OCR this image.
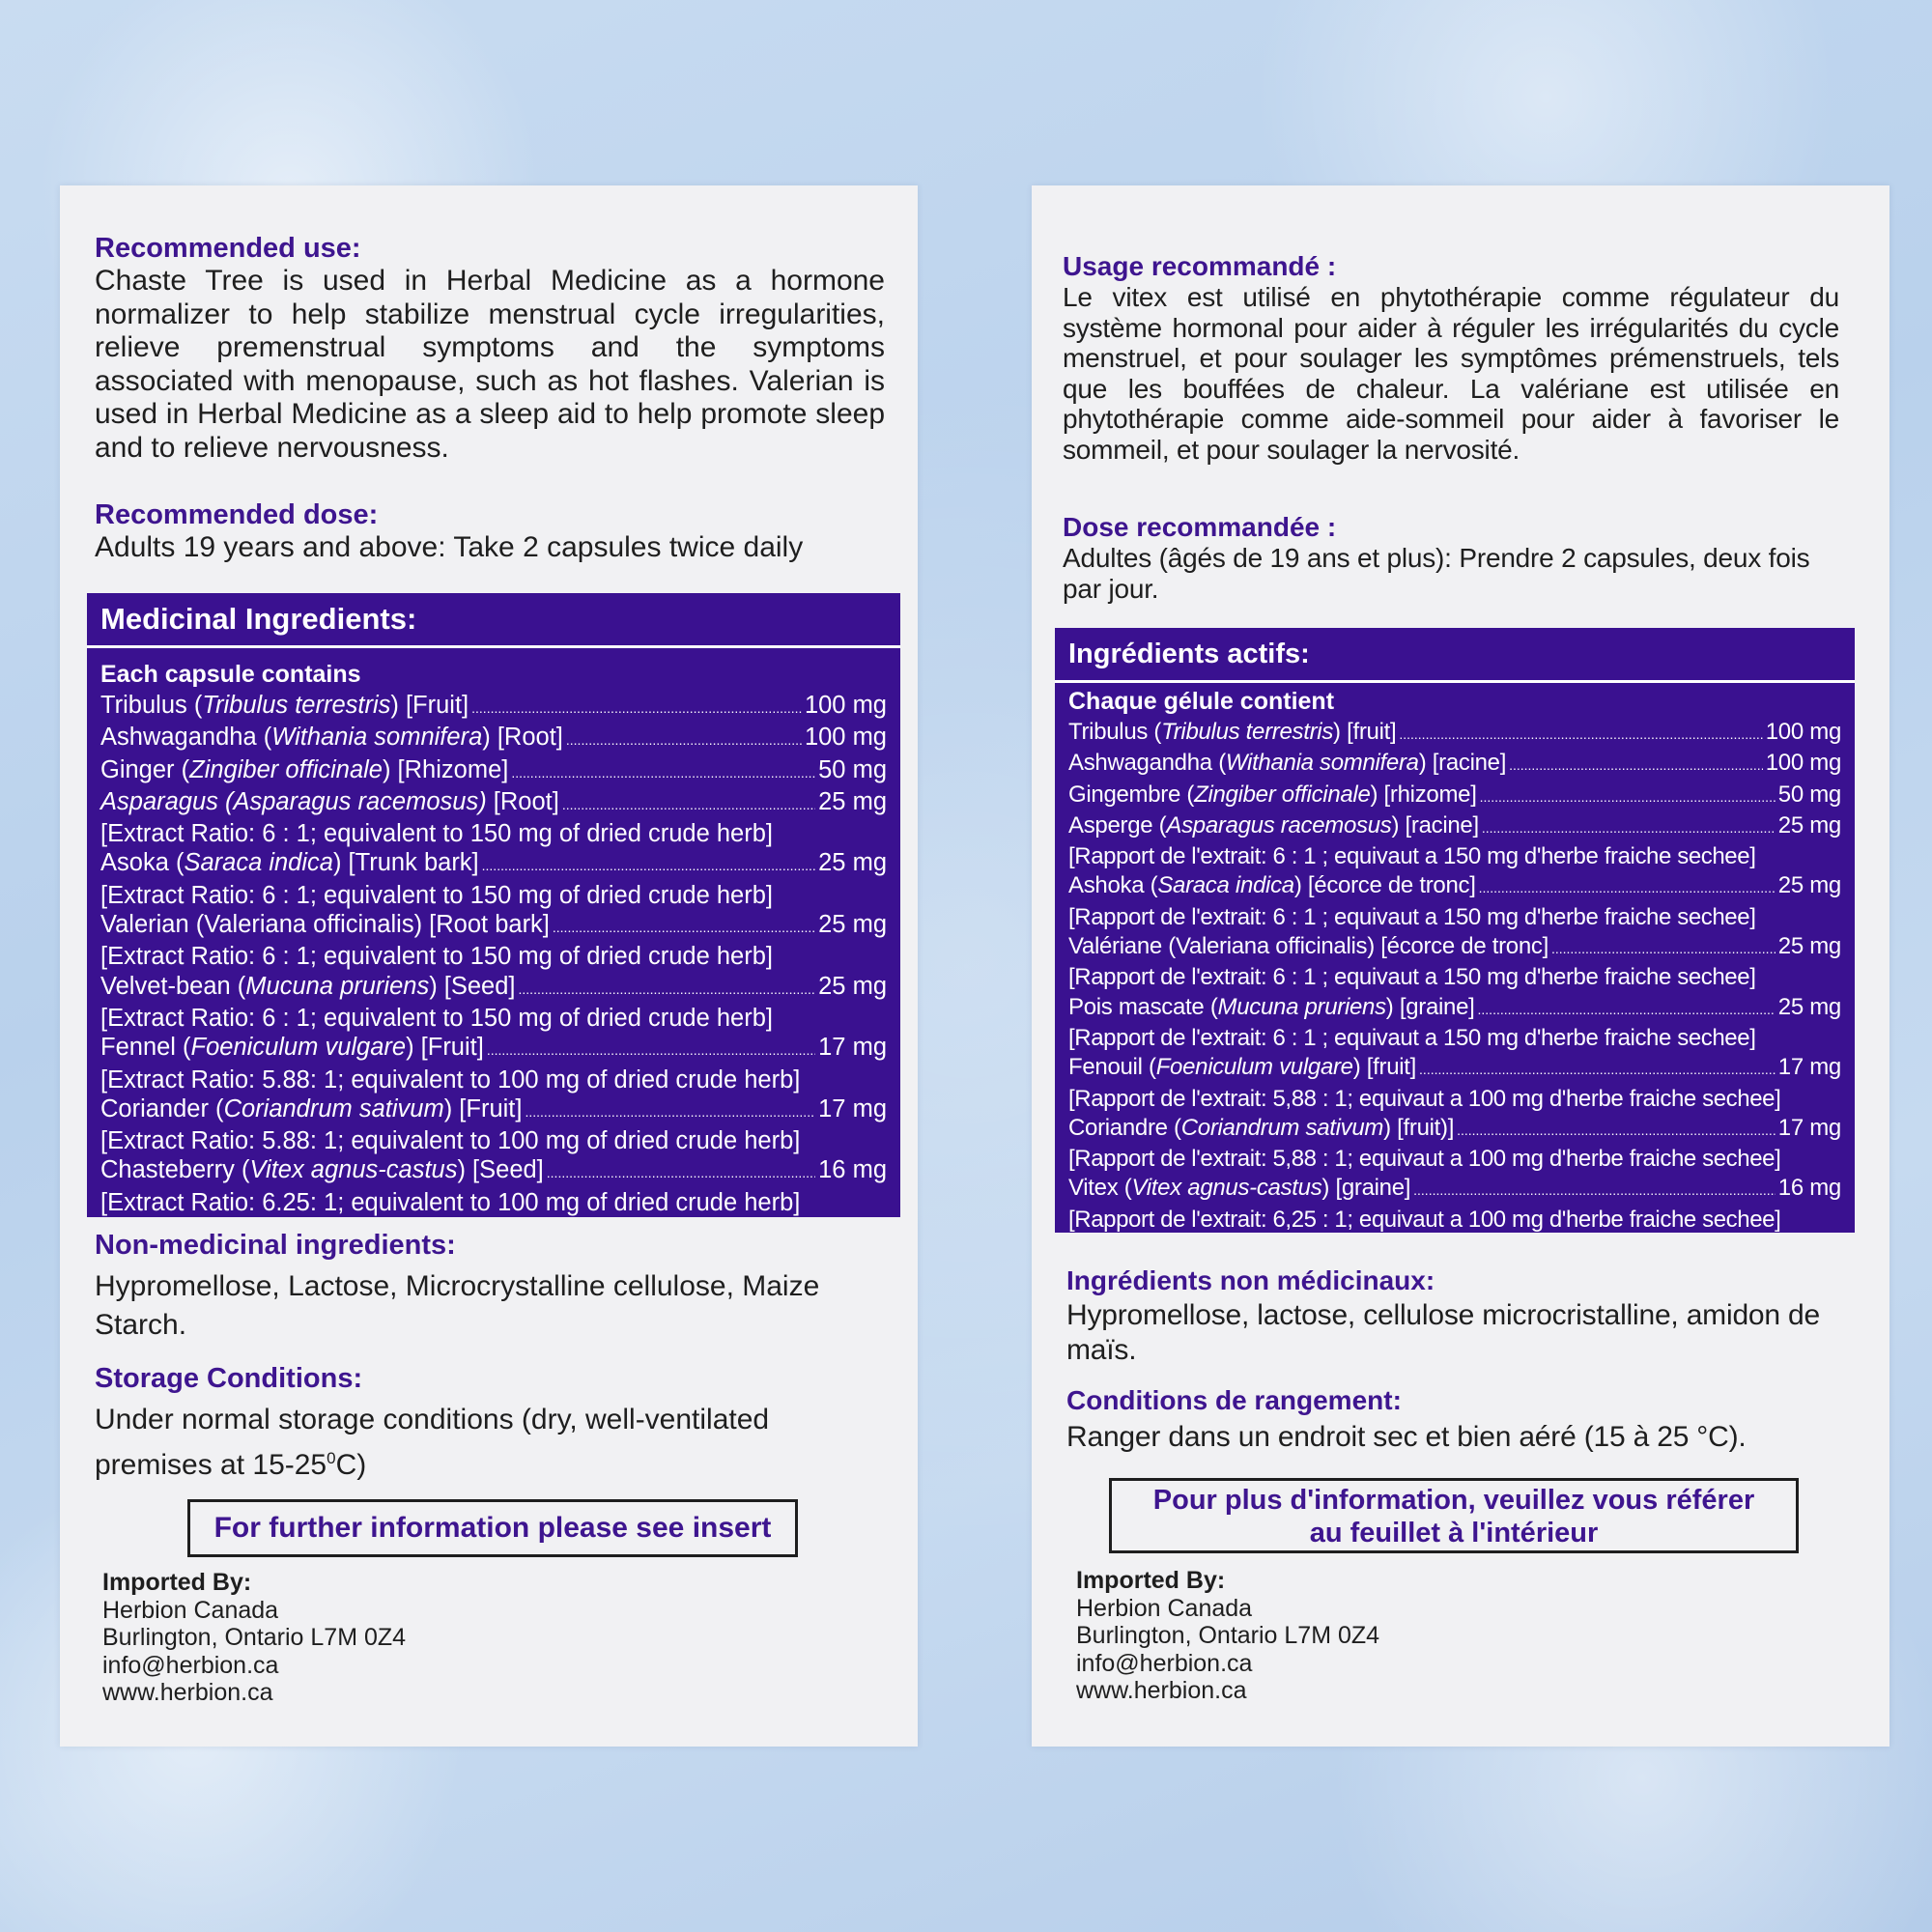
Recommended use:

Chaste Tree is used in Herbal Medicine as a hormone normalizer to help stabilize menstrual cycle irregularities, relieve premenstrual symptoms and the symptoms associated with menopause, such as hot flashes. Valerian is used in Herbal Medicine as a sleep aid to help promote sleep and to relieve nervousness.

Recommended dose:

Adults 19 years and above: Take 2 capsules twice daily

Medicinal Ingredients:
Each capsule contains
Tribulus (Tribulus terrestris) [Fruit] .....	100 mg
Ashwagandha (Withania somnifera) [Root] .....	100 mg
Ginger (Zingiber officinale) [Rhizome] .....	50 mg
Asparagus (Asparagus racemosus) [Root] .....	25 mg
[Extract Ratio: 6 : 1; equivalent to 150 mg of dried crude herb]
Asoka (Saraca indica) [Trunk bark] .....	25 mg
[Extract Ratio: 6 : 1; equivalent to 150 mg of dried crude herb]
Valerian (Valeriana officinalis) [Root bark] .....	25 mg
[Extract Ratio: 6 : 1; equivalent to 150 mg of dried crude herb]
Velvet-bean (Mucuna pruriens) [Seed] .....	25 mg
[Extract Ratio: 6 : 1; equivalent to 150 mg of dried crude herb]
Fennel (Foeniculum vulgare) [Fruit] .....	17 mg
[Extract Ratio: 5.88: 1; equivalent to 100 mg of dried crude herb]
Coriander (Coriandrum sativum) [Fruit] .....	17 mg
[Extract Ratio: 5.88: 1; equivalent to 100 mg of dried crude herb]
Chasteberry (Vitex agnus-castus) [Seed] .....	16 mg
[Extract Ratio: 6.25: 1; equivalent to 100 mg of dried crude herb]

Non-medicinal ingredients:

Hypromellose, Lactose, Microcrystalline cellulose, Maize Starch.

Storage Conditions:

Under normal storage conditions (dry, well-ventilated premises at $15-25^0C$)

For further information please see insert
Imported By:
Herbion Canada
Burlington, Ontario L7M 0Z4
info@herbion.ca
www.herbion.ca

Usage recommandé :

Le vitex est utilisé en phytothérapie comme régulateur du système hormonal pour aider à réguler les irrégularités du cycle menstruel, et pour soulager les symptômes prémenstruels, tels que les bouffées de chaleur. La valériane est utilisée en phytothérapie comme aide-sommeil pour aider à favoriser le sommeil, et pour soulager la nervosité.

Dose recommandée :

Adultes (âgés de 19 ans et plus): Prendre 2 capsules, deux fois par jour.

Ingrédients actifs:
Chaque gélule contient
Tribulus (Tribulus terrestris) [fruit] .....	100 mg
Ashwagandha (Withania somnifera) [racine] .....	100 mg
Gingembre (Zingiber officinale) [rhizome] .....	50 mg
Asperge (Asparagus racemosus) [racine] .....	25 mg
[Rapport de l'extrait: 6 : 1 ; equivaut a 150 mg d'herbe fraiche sechee]
Ashoka (Saraca indica) [écorce de tronc] .....	25 mg
[Rapport de l'extrait: 6 : 1 ; equivaut a 150 mg d'herbe fraiche sechee]
Valériane (Valeriana officinalis) [écorce de tronc] .....	25 mg
[Rapport de l'extrait: 6 : 1 ; equivaut a 150 mg d'herbe fraiche sechee]
Pois mascate (Mucuna pruriens) [graine] .....	25 mg
[Rapport de l'extrait: 6 : 1 ; equivaut a 150 mg d'herbe fraiche sechee]
Fenouil (Foeniculum vulgare) [fruit] .....	17 mg
[Rapport de l'extrait: 5,88 : 1; equivaut a 100 mg d'herbe fraiche sechee]
Coriandre (Coriandrum sativum) [fruit)] .....	17 mg
[Rapport de l'extrait: 5,88 : 1; equivaut a 100 mg d'herbe fraiche sechee]
Vitex (Vitex agnus-castus) [graine] .....	16 mg
[Rapport de l'extrait: 6,25 : 1; equivaut a 100 mg d'herbe fraiche sechee]

Ingrédients non médicinaux:

Hypromellose, lactose, cellulose microcristalline, amidon de maïs.

Conditions de rangement:

Ranger dans un endroit sec et bien aéré (15 à 25 °C).

Pour plus d'information, veuillez vous référer
au feuillet à l'intérieur
Imported By:
Herbion Canada
Burlington, Ontario L7M 0Z4
info@herbion.ca
www.herbion.ca
